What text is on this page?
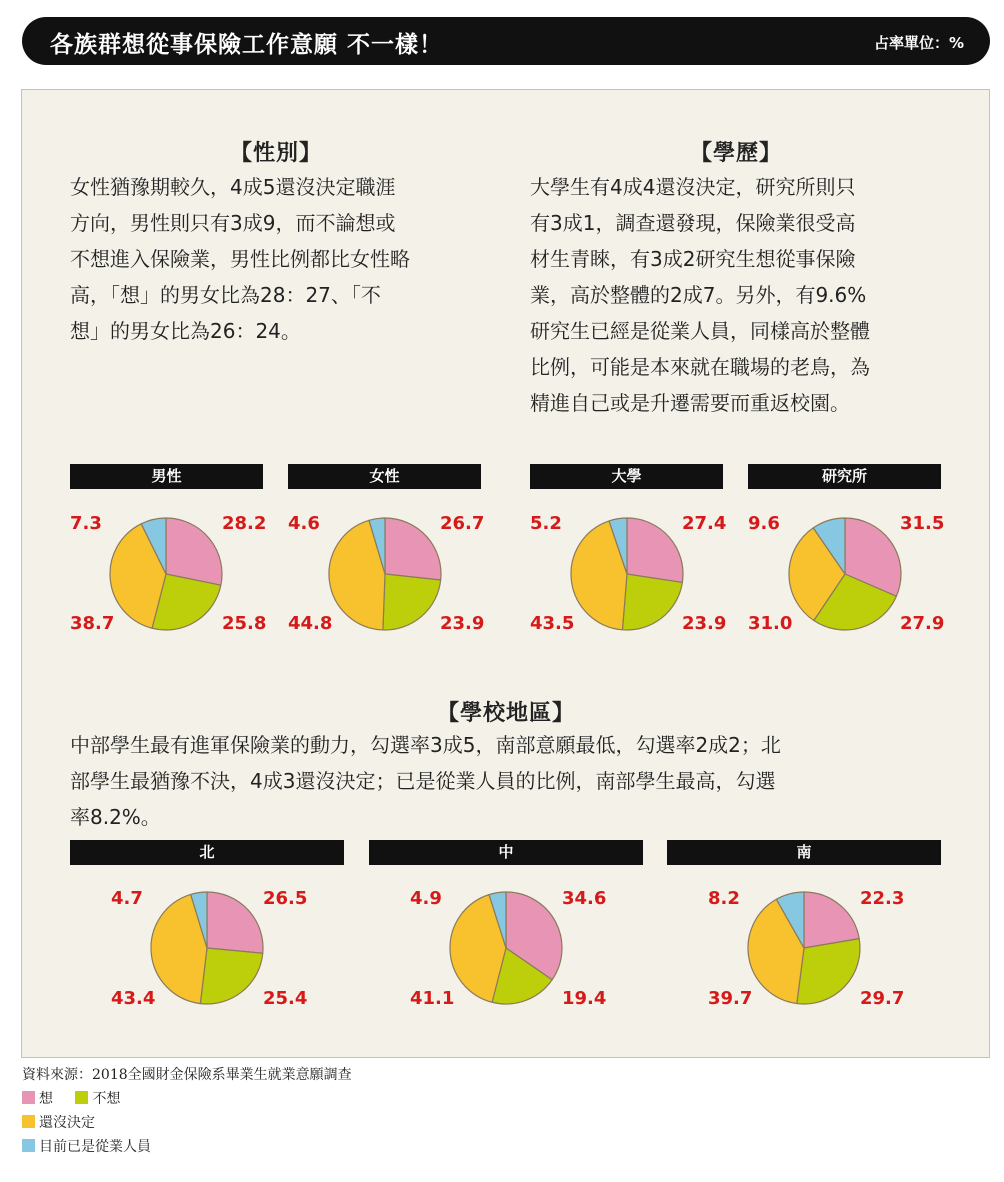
各族群想從事保險工作意願 不一樣！	占率單位：%
【性別】
女性猶豫期較久，4成5還沒決定職涯
方向，男性則只有3成9，而不論想或
不想進入保險業，男性比例都比女性略
高，「想」的男女比為28：27、「不
想」的男女比為26：24。
【學歷】
大學生有4成4還沒決定，研究所則只
有3成1，調查還發現，保險業很受高
材生青睞，有3成2研究生想從事保險
業，高於整體的2成7。另外，有9.6%
研究生已經是從業人員，同樣高於整體
比例，可能是本來就在職場的老鳥，為
精進自己或是升遷需要而重返校園。
男性	女性	大學	研究所
7.3	28.2
38.7	25.8
4.6	26.7
44.8	23.9
5.2	27.4
43.5	23.9
9.6	31.5
31.0	27.9
【學校地區】
中部學生最有進軍保險業的動力，勾選率3成5，南部意願最低，勾選率2成2；北
部學生最猶豫不決，4成3還沒決定；已是從業人員的比例，南部學生最高，勾選
率8.2%。
北	中	南
4.7	26.5
43.4	25.4
4.9	34.6
41.1	19.4
8.2	22.3
39.7	29.7
資料來源：2018全國財金保險系畢業生就業意願調查
想	不想
還沒決定
目前已是從業人員
